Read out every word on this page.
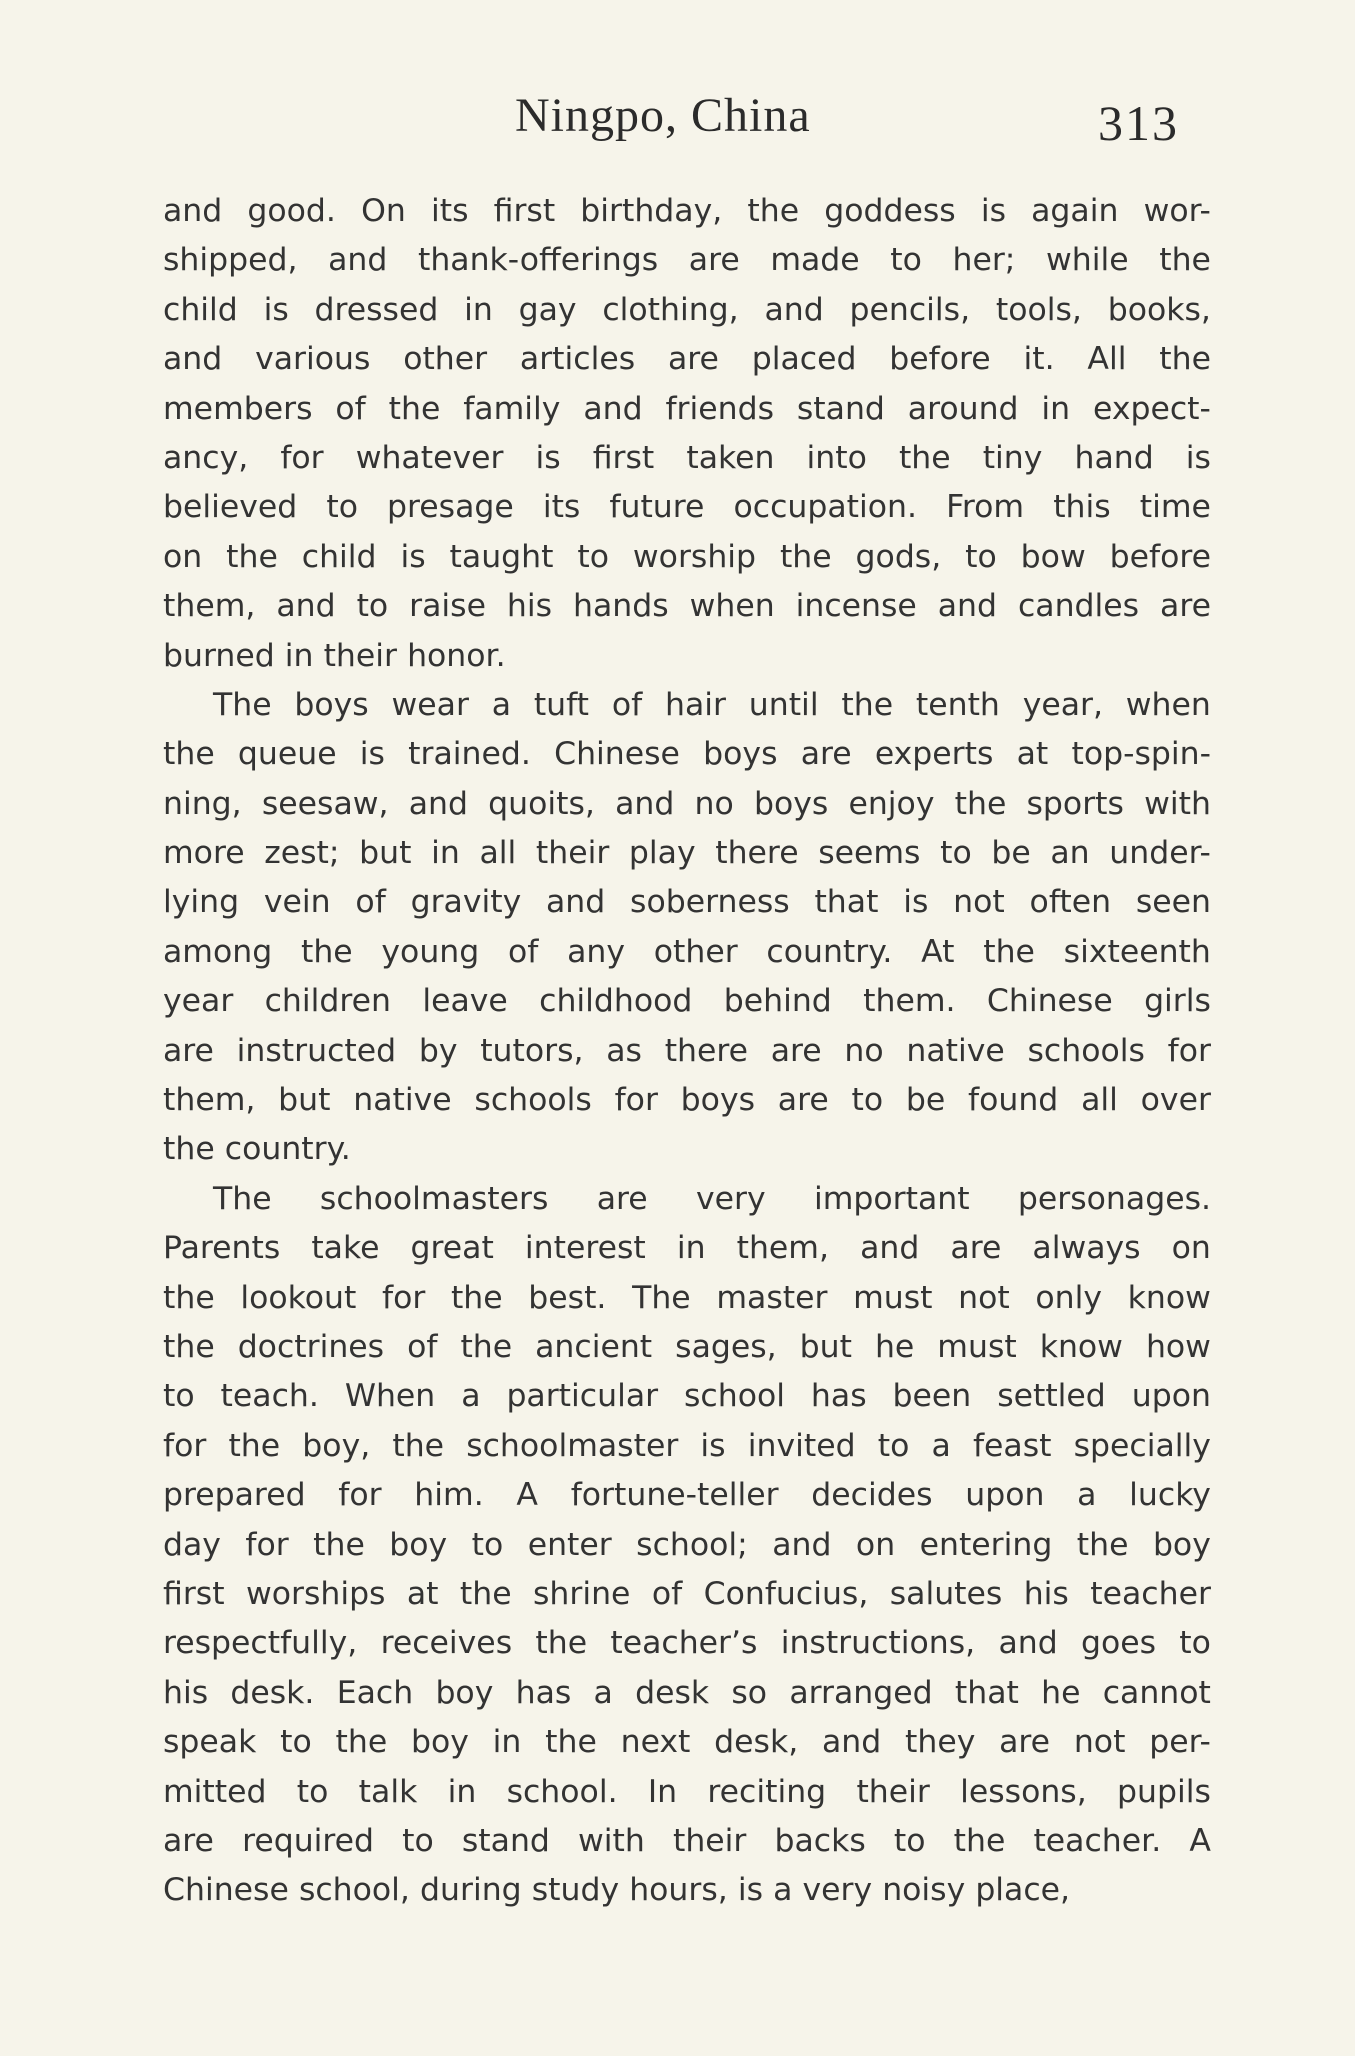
Ningpo, China	313
and good. On its first birthday, the goddess is again wor-
shipped, and thank-offerings are made to her; while the
child is dressed in gay clothing, and pencils, tools, books,
and various other articles are placed before it. All the
members of the family and friends stand around in expect-
ancy, for whatever is first taken into the tiny hand is
believed to presage its future occupation. From this time
on the child is taught to worship the gods, to bow before
them, and to raise his hands when incense and candles are
burned in their honor.
The boys wear a tuft of hair until the tenth year, when
the queue is trained. Chinese boys are experts at top-spin-
ning, seesaw, and quoits, and no boys enjoy the sports with
more zest; but in all their play there seems to be an under-
lying vein of gravity and soberness that is not often seen
among the young of any other country. At the sixteenth
year children leave childhood behind them. Chinese girls
are instructed by tutors, as there are no native schools for
them, but native schools for boys are to be found all over
the country.
The schoolmasters are very important personages.
Parents take great interest in them, and are always on
the lookout for the best. The master must not only know
the doctrines of the ancient sages, but he must know how
to teach. When a particular school has been settled upon
for the boy, the schoolmaster is invited to a feast specially
prepared for him. A fortune-teller decides upon a lucky
day for the boy to enter school; and on entering the boy
first worships at the shrine of Confucius, salutes his teacher
respectfully, receives the teacher’s instructions, and goes to
his desk. Each boy has a desk so arranged that he cannot
speak to the boy in the next desk, and they are not per-
mitted to talk in school. In reciting their lessons, pupils
are required to stand with their backs to the teacher. A
Chinese school, during study hours, is a very noisy place,
